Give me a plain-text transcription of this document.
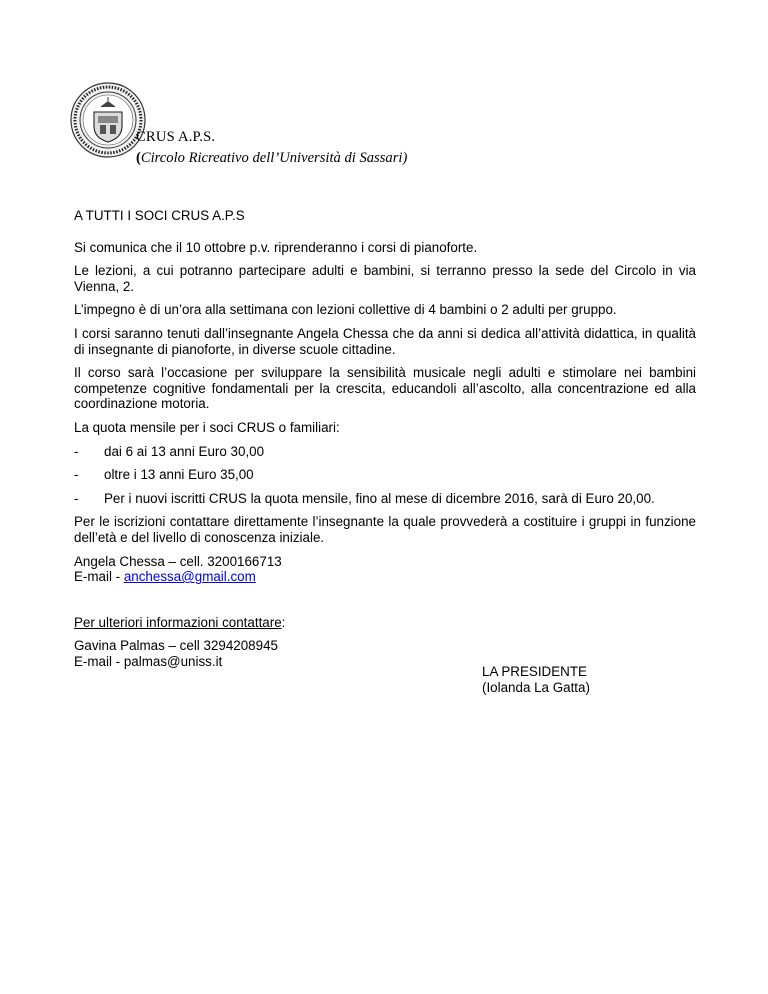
CRUS A.P.S.
(Circolo Ricreativo dell’Università di Sassari)

A TUTTI I SOCI CRUS A.P.S

Si comunica che il 10 ottobre p.v. riprenderanno i corsi di pianoforte.

Le lezioni, a cui potranno partecipare adulti e bambini, si terranno presso la sede del Circolo in via Vienna, 2.

L’impegno è di un’ora alla settimana con lezioni collettive di 4 bambini o 2 adulti per gruppo.

I corsi saranno tenuti dall’insegnante Angela Chessa che da anni si dedica all’attività didattica, in qualità di insegnante di pianoforte, in diverse scuole cittadine.

Il corso sarà l’occasione per sviluppare la sensibilità musicale negli adulti e stimolare nei bambini competenze cognitive fondamentali per la crescita, educandoli all’ascolto, alla concentrazione ed alla coordinazione motoria.

La quota mensile per i soci CRUS o familiari:

- dai 6 ai 13 anni Euro 30,00
- oltre i 13 anni Euro 35,00
- Per i nuovi iscritti CRUS la quota mensile, fino al mese di dicembre 2016, sarà di Euro 20,00.

Per le iscrizioni contattare direttamente l’insegnante la quale provvederà a costituire i gruppi in funzione dell’età e del livello di conoscenza iniziale.

Angela Chessa – cell. 3200166713

E-mail - anchessa@gmail.com

Per ulteriori informazioni contattare:

Gavina Palmas – cell 3294208945

E-mail - palmas@uniss.it

LA PRESIDENTE
(Iolanda La Gatta)
